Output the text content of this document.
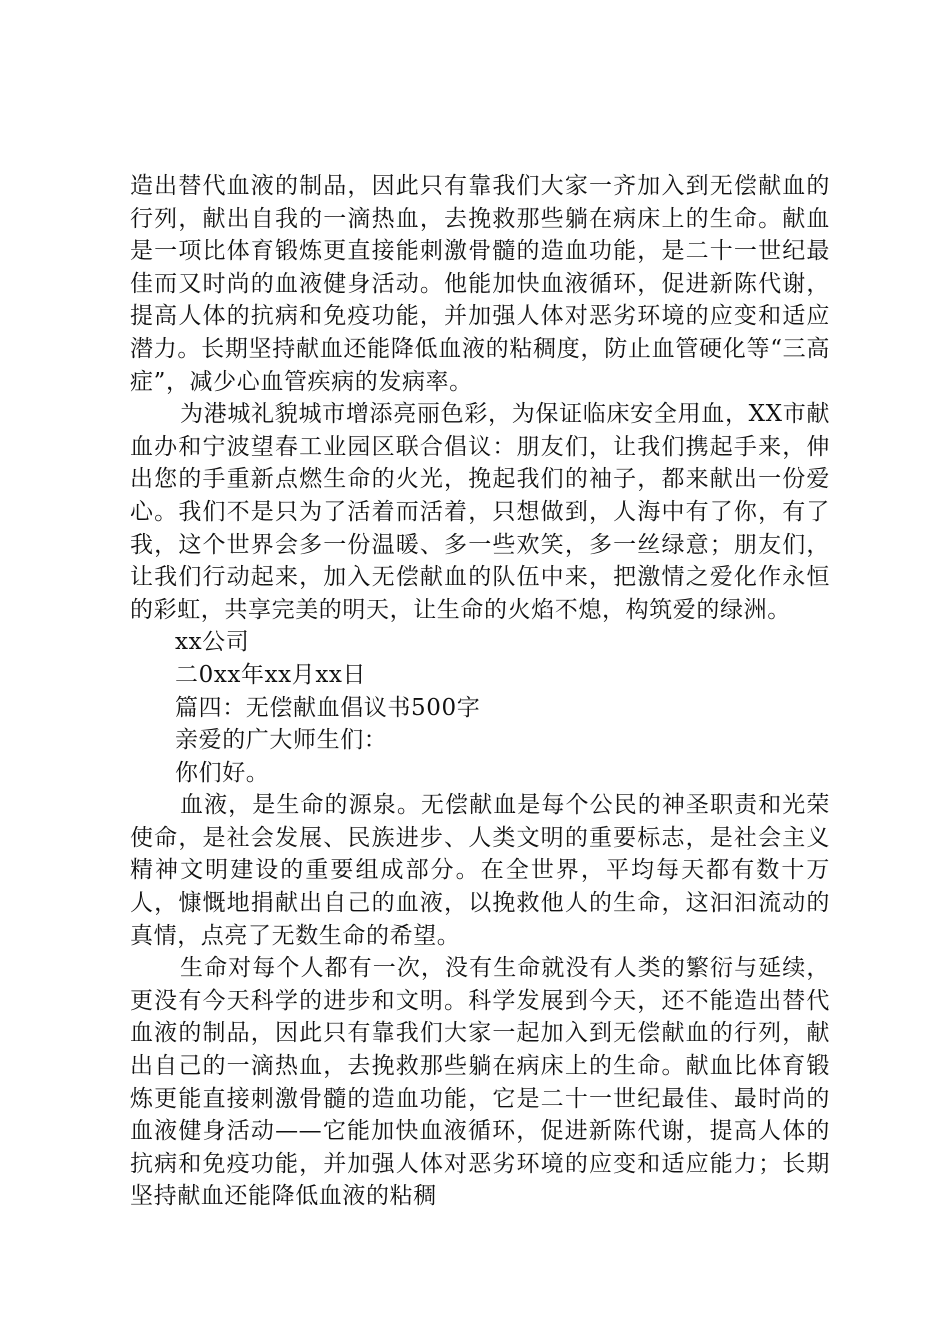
造出替代血液的制品，因此只有靠我们大家一齐加入到无偿献血的行列，献出自我的一滴热血，去挽救那些躺在病床上的生命。献血是一项比体育锻炼更直接能刺激骨髓的造血功能，是二十一世纪最佳而又时尚的血液健身活动。他能加快血液循环，促进新陈代谢，提高人体的抗病和免疫功能，并加强人体对恶劣环境的应变和适应潜力。长期坚持献血还能降低血液的粘稠度，防止血管硬化等“三高症”，减少心血管疾病的发病率。

为港城礼貌城市增添亮丽色彩，为保证临床安全用血，XX市献血办和宁波望春工业园区联合倡议：朋友们，让我们携起手来，伸出您的手重新点燃生命的火光，挽起我们的袖子，都来献出一份爱心。我们不是只为了活着而活着，只想做到，人海中有了你，有了我，这个世界会多一份温暖、多一些欢笑，多一丝绿意；朋友们，让我们行动起来，加入无偿献血的队伍中来，把激情之爱化作永恒的彩虹，共享完美的明天，让生命的火焰不熄，构筑爱的绿洲。

xx公司

二0xx年xx月xx日

篇四：无偿献血倡议书500字

亲爱的广大师生们：

你们好。

血液，是生命的源泉。无偿献血是每个公民的神圣职责和光荣使命，是社会发展、民族进步、人类文明的重要标志，是社会主义精神文明建设的重要组成部分。在全世界，平均每天都有数十万人，慷慨地捐献出自己的血液，以挽救他人的生命，这汩汩流动的真情，点亮了无数生命的希望。

生命对每个人都有一次，没有生命就没有人类的繁衍与延续，更没有今天科学的进步和文明。科学发展到今天，还不能造出替代血液的制品，因此只有靠我们大家一起加入到无偿献血的行列，献出自己的一滴热血，去挽救那些躺在病床上的生命。献血比体育锻炼更能直接刺激骨髓的造血功能，它是二十一世纪最佳、最时尚的血液健身活动——它能加快血液循环，促进新陈代谢，提高人体的抗病和免疫功能，并加强人体对恶劣环境的应变和适应能力；长期坚持献血还能降低血液的粘稠
